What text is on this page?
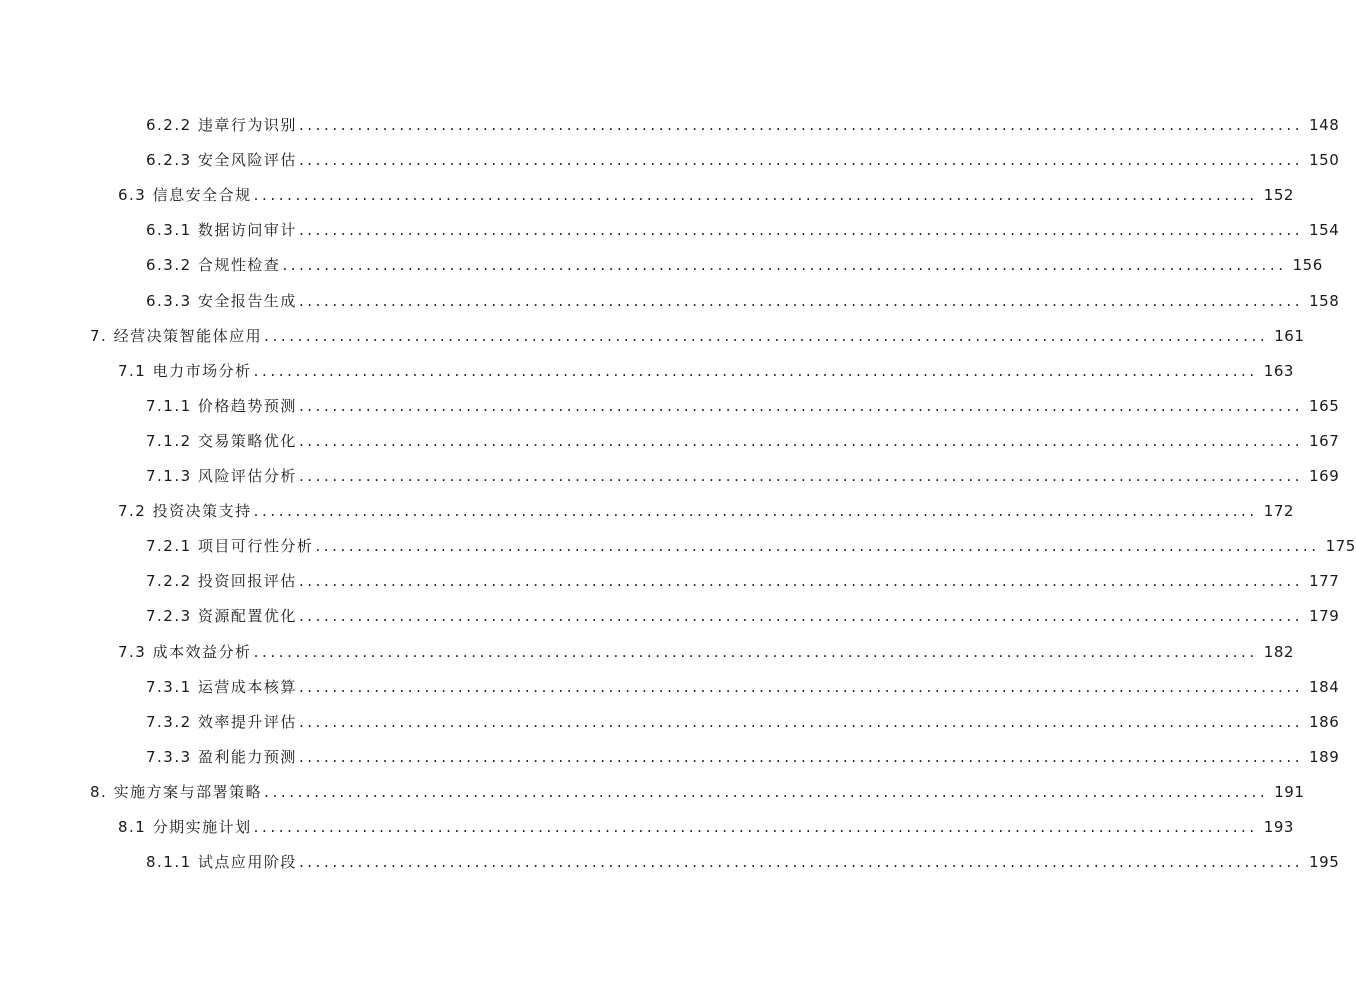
6.2.2 违章行为识别 ........................................................................................................................ 148
6.2.3 安全风险评估 ........................................................................................................................ 150
6.3 信息安全合规 ........................................................................................................................ 152
6.3.1 数据访问审计 ........................................................................................................................ 154
6.3.2 合规性检查 ........................................................................................................................ 156
6.3.3 安全报告生成 ........................................................................................................................ 158
7. 经营决策智能体应用 ........................................................................................................................ 161
7.1 电力市场分析 ........................................................................................................................ 163
7.1.1 价格趋势预测 ........................................................................................................................ 165
7.1.2 交易策略优化 ........................................................................................................................ 167
7.1.3 风险评估分析 ........................................................................................................................ 169
7.2 投资决策支持 ........................................................................................................................ 172
7.2.1 项目可行性分析 ........................................................................................................................ 175
7.2.2 投资回报评估 ........................................................................................................................ 177
7.2.3 资源配置优化 ........................................................................................................................ 179
7.3 成本效益分析 ........................................................................................................................ 182
7.3.1 运营成本核算 ........................................................................................................................ 184
7.3.2 效率提升评估 ........................................................................................................................ 186
7.3.3 盈利能力预测 ........................................................................................................................ 189
8. 实施方案与部署策略 ........................................................................................................................ 191
8.1 分期实施计划 ........................................................................................................................ 193
8.1.1 试点应用阶段 ........................................................................................................................ 195
